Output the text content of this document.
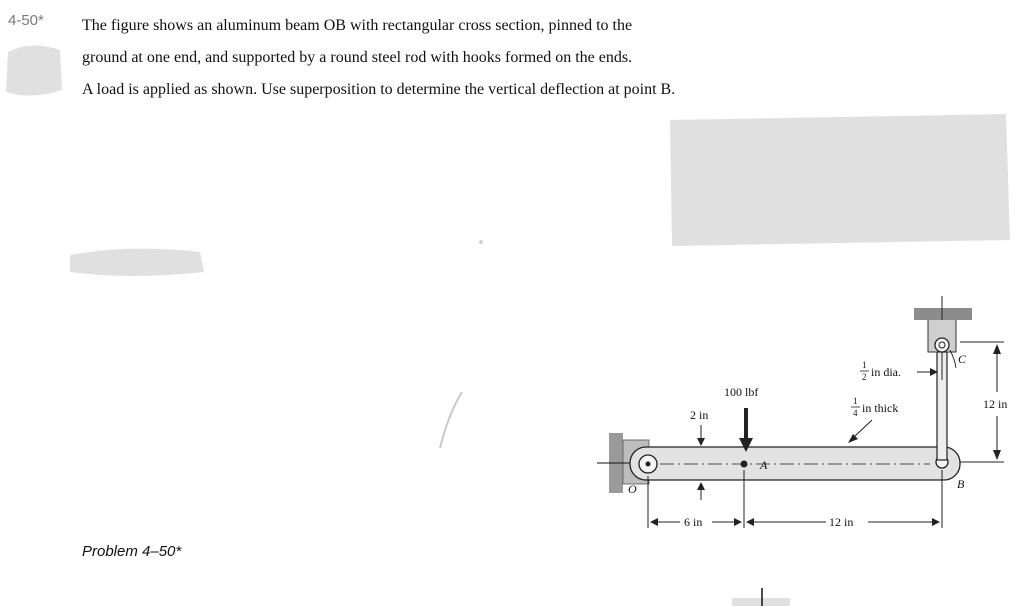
4-50* The figure shows an aluminum beam OB with rectangular cross section, pinned to the

ground at one end, and supported by a round steel rod with hooks formed on the ends.

A load is applied as shown. Use superposition to determine the vertical deflection at point B.

100 lbf
2 in
12 in
1
2 in dia.
1
4 in thick
O
A
B
C
6 in	12 in
Problem 4–50*
